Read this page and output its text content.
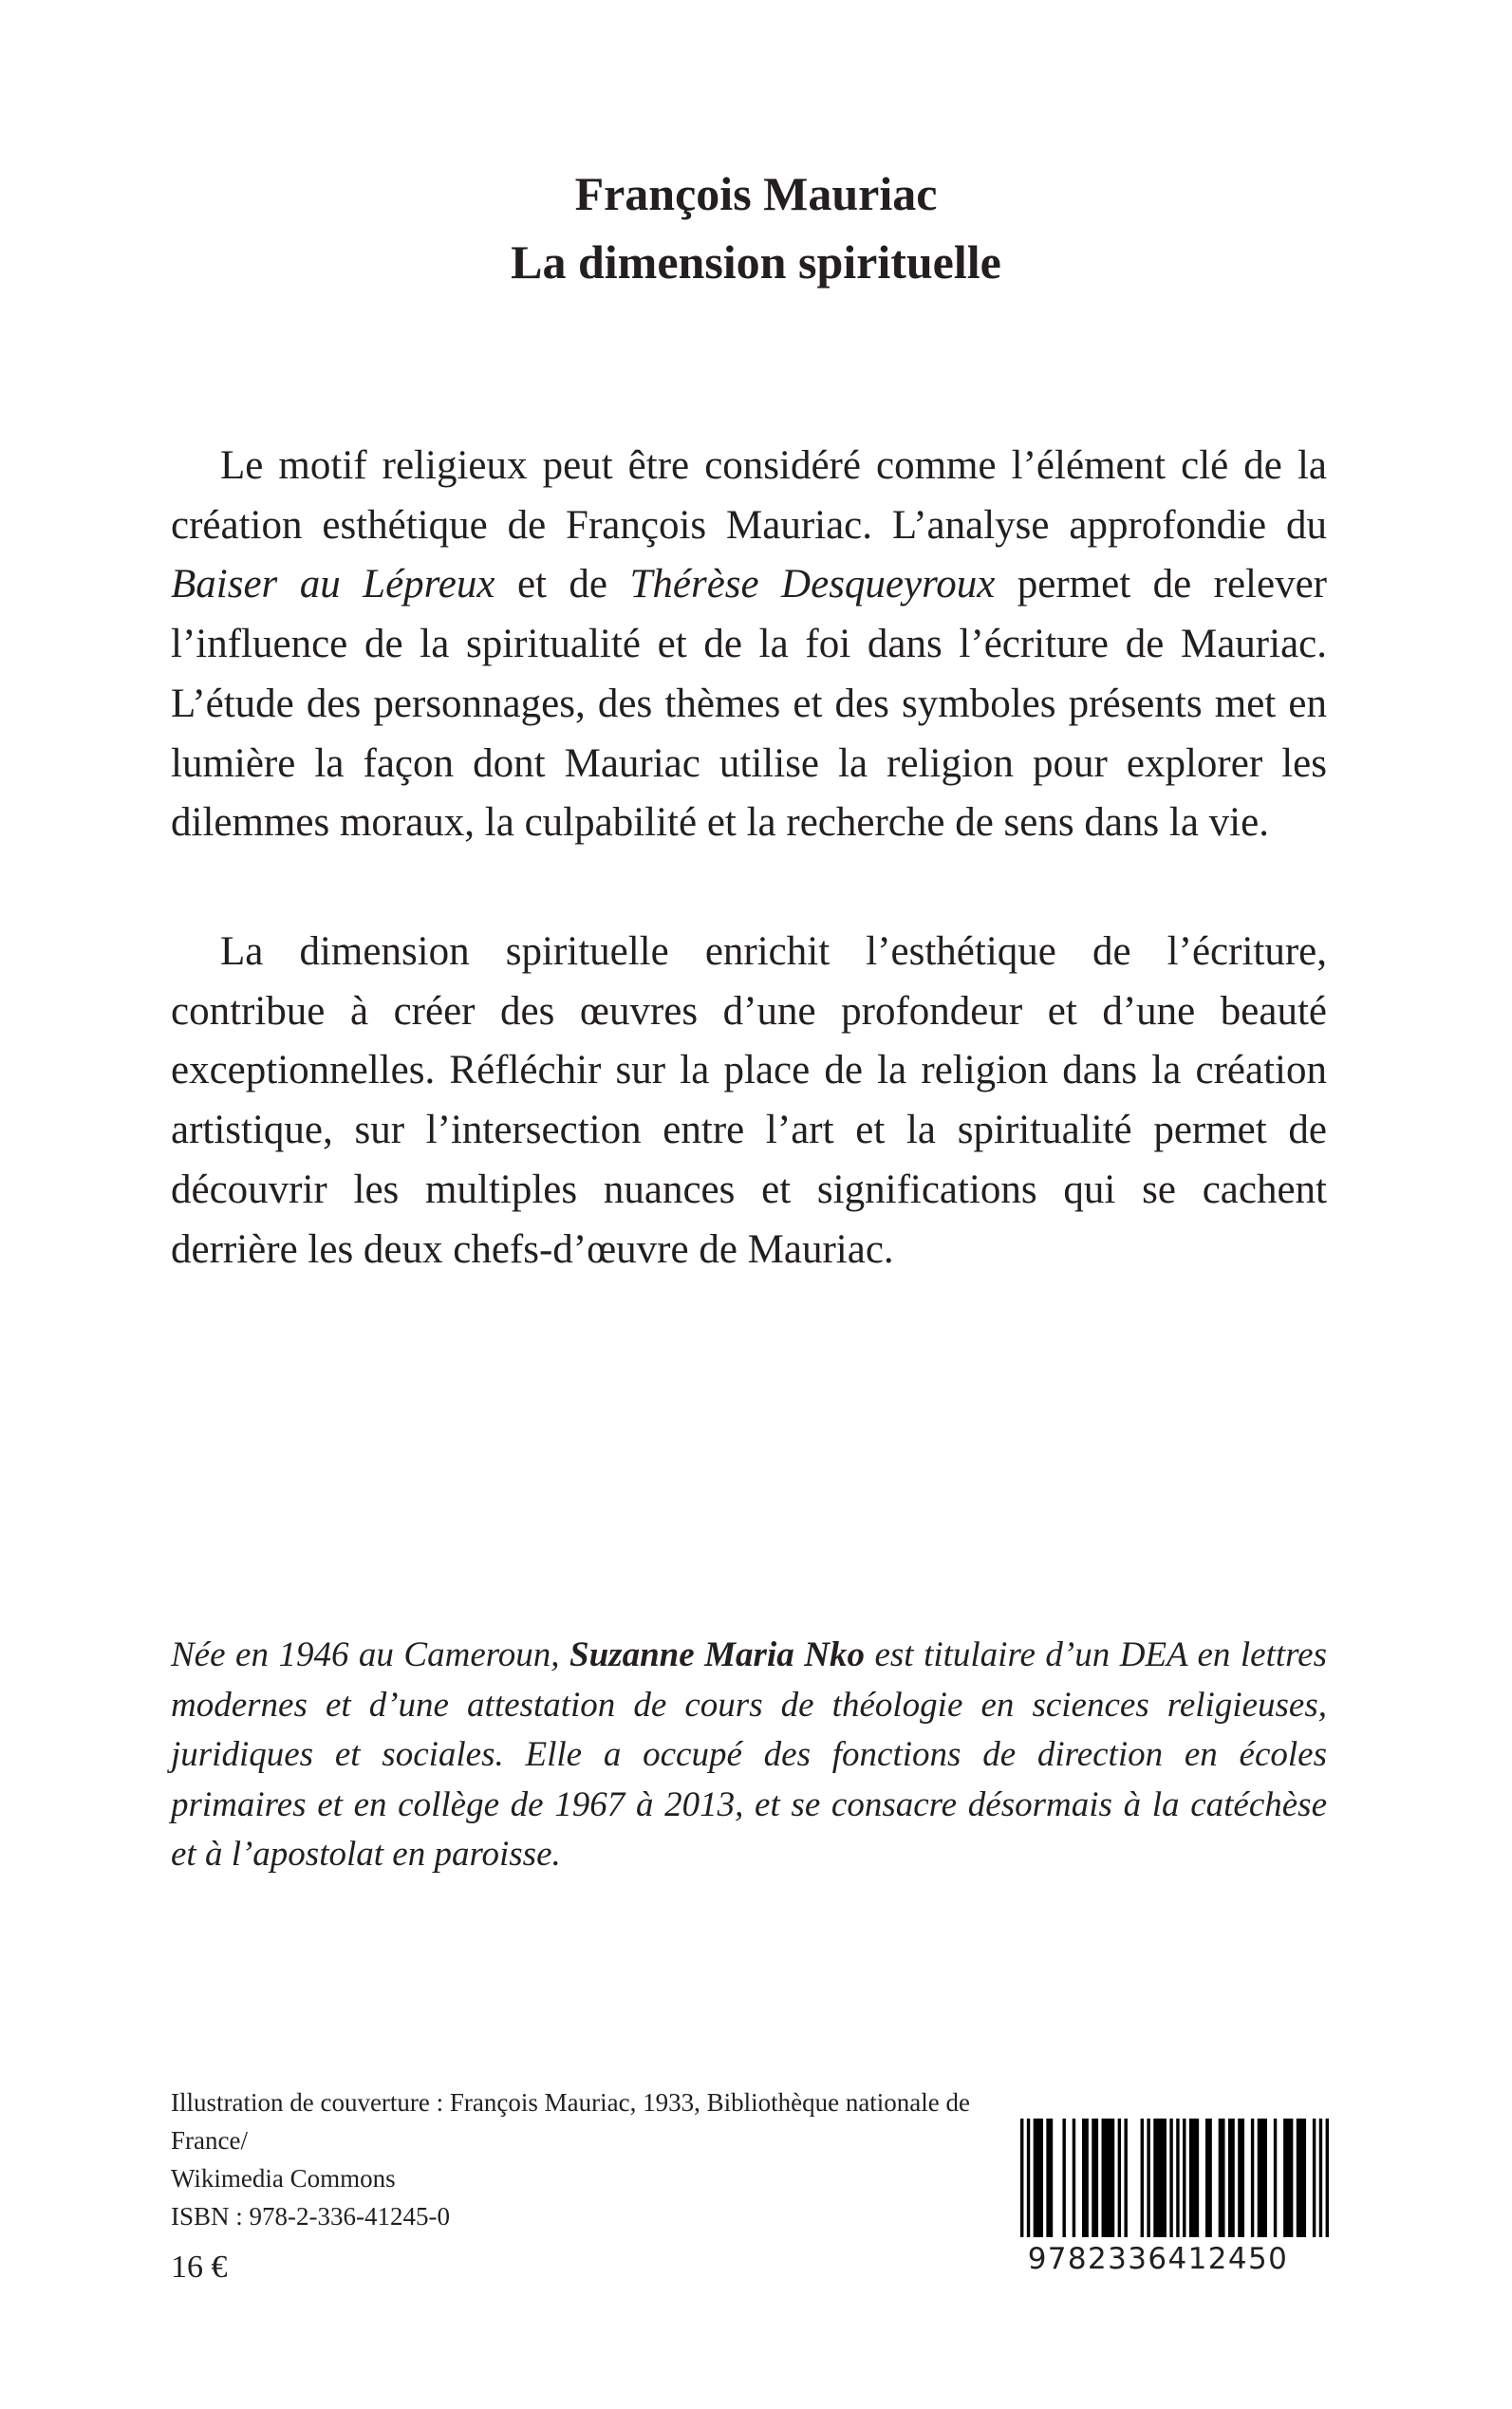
François Mauriac
La dimension spirituelle

Le motif religieux peut être considéré comme l’élément clé de la création esthétique de François Mauriac. L’analyse approfondie du Baiser au Lépreux et de Thérèse Desqueyroux permet de relever l’influence de la spiritualité et de la foi dans l’écriture de Mauriac. L’étude des personnages, des thèmes et des symboles présents met en lumière la façon dont Mauriac utilise la religion pour explorer les dilemmes moraux, la culpabilité et la recherche de sens dans la vie.

La dimension spirituelle enrichit l’esthétique de l’écriture, contribue à créer des œuvres d’une profondeur et d’une beauté exceptionnelles. Réfléchir sur la place de la religion dans la création artistique, sur l’intersection entre l’art et la spiritualité permet de découvrir les multiples nuances et significations qui se cachent derrière les deux chefs-d’œuvre de Mauriac.

Née en 1946 au Cameroun, Suzanne Maria Nko est titulaire d’un DEA en lettres modernes et d’une attestation de cours de théologie en sciences religieuses, juridiques et sociales. Elle a occupé des fonctions de direction en écoles primaires et en collège de 1967 à 2013, et se consacre désormais à la catéchèse et à l’apostolat en paroisse.

Illustration de couverture : François Mauriac, 1933, Bibliothèque nationale de France/
Wikimedia Commons

ISBN : 978-2-336-41245-0
16 €	9782336412450
